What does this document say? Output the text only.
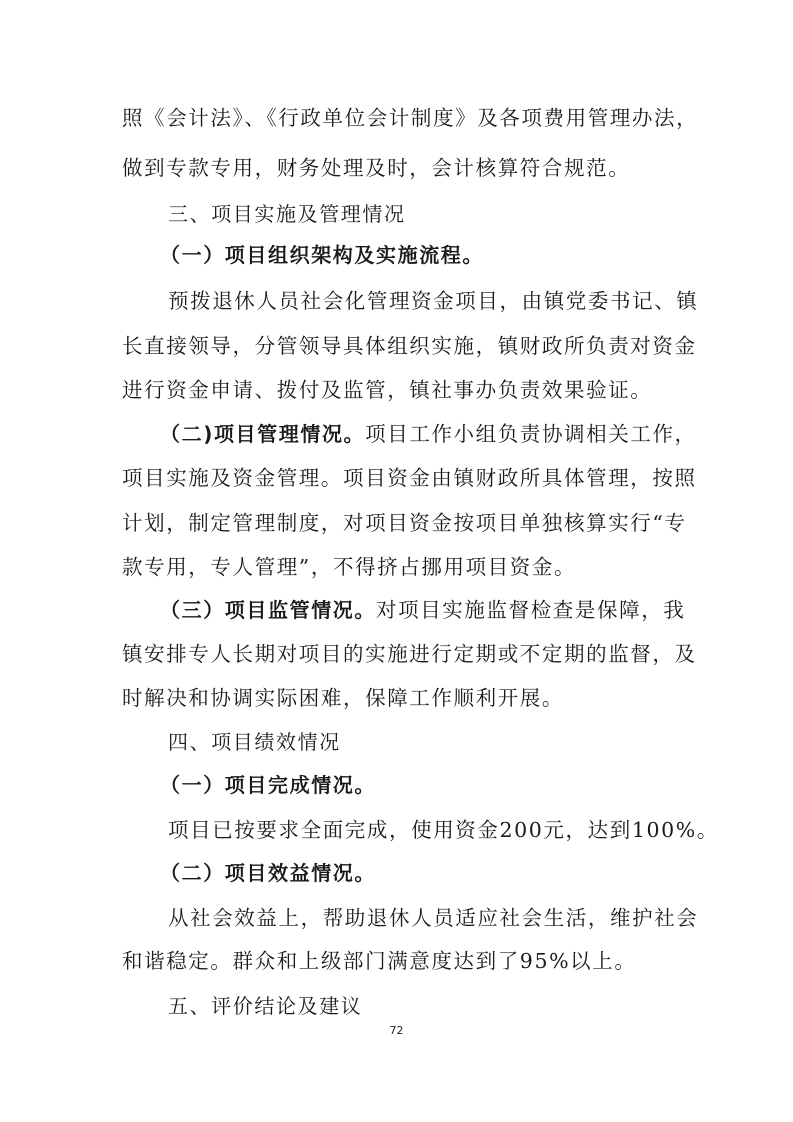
照《会计法》、《行政单位会计制度》及各项费用管理办法，
做到专款专用，财务处理及时，会计核算符合规范。
三、项目实施及管理情况
（一）项目组织架构及实施流程。
预拨退休人员社会化管理资金项目，由镇党委书记、镇
长直接领导，分管领导具体组织实施，镇财政所负责对资金
进行资金申请、拨付及监管，镇社事办负责效果验证。
（二)项目管理情况。项目工作小组负责协调相关工作，
项目实施及资金管理。项目资金由镇财政所具体管理，按照
计划，制定管理制度，对项目资金按项目单独核算实行“专
款专用，专人管理”，不得挤占挪用项目资金。
（三）项目监管情况。对项目实施监督检查是保障，我
镇安排专人长期对项目的实施进行定期或不定期的监督，及
时解决和协调实际困难，保障工作顺利开展。
四、项目绩效情况
（一）项目完成情况。
项目已按要求全面完成，使用资金200元，达到100%。
（二）项目效益情况。
从社会效益上，帮助退休人员适应社会生活，维护社会
和谐稳定。群众和上级部门满意度达到了95%以上。
五、评价结论及建议
72
